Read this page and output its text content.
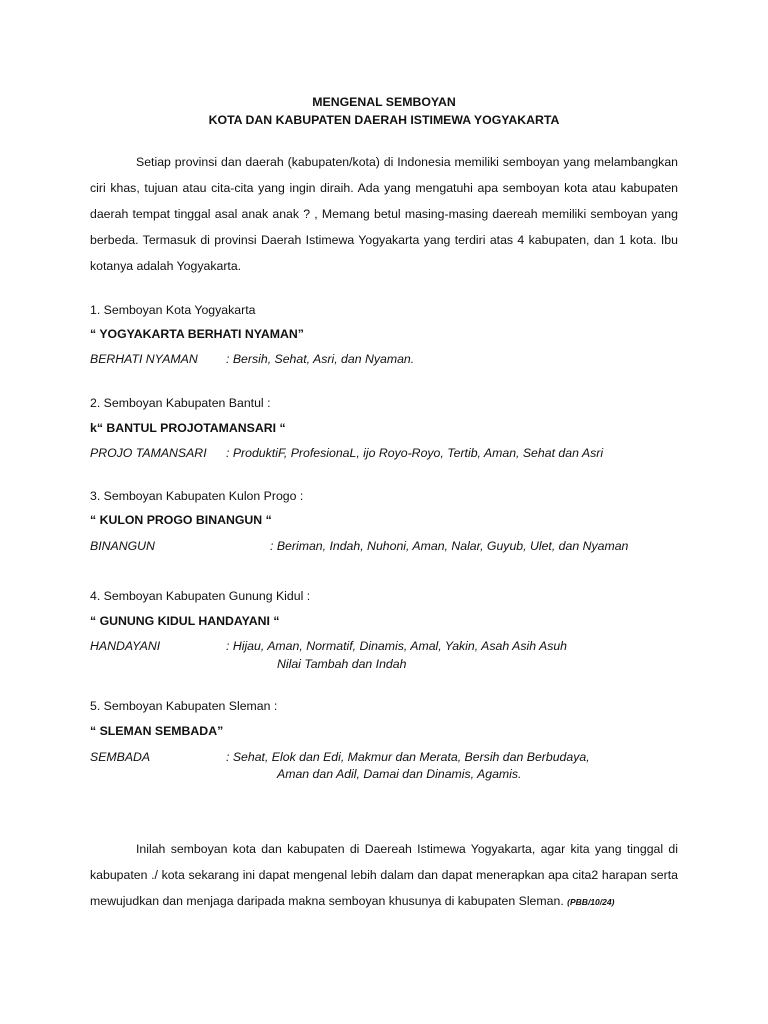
MENGENAL SEMBOYAN
KOTA DAN KABUPATEN DAERAH ISTIMEWA YOGYAKARTA

Setiap provinsi dan daerah (kabupaten/kota) di Indonesia memiliki semboyan yang melambangkan ciri khas, tujuan atau cita-cita yang ingin diraih. Ada yang mengatuhi apa semboyan kota atau kabupaten daerah tempat tinggal asal anak anak ? , Memang betul masing-masing daereah memiliki semboyan yang berbeda. Termasuk di provinsi Daerah Istimewa Yogyakarta yang terdiri atas 4 kabupaten, dan 1 kota. Ibu kotanya adalah Yogyakarta.

1. Semboyan Kota Yogyakarta
“ YOGYAKARTA BERHATI NYAMAN”
BERHATI NYAMAN : Bersih, Sehat, Asri, dan Nyaman.
2. Semboyan Kabupaten Bantul :
k“ BANTUL PROJOTAMANSARI “
PROJO TAMANSARI : ProduktiF, ProfesionaL, ijo Royo-Royo, Tertib, Aman, Sehat dan Asri
3. Semboyan Kabupaten Kulon Progo :
“ KULON PROGO BINANGUN “
BINANGUN	: Beriman, Indah, Nuhoni, Aman, Nalar, Guyub, Ulet, dan Nyaman
4. Semboyan Kabupaten Gunung Kidul :
“ GUNUNG KIDUL HANDAYANI “
HANDAYANI	: Hijau, Aman, Normatif, Dinamis, Amal, Yakin, Asah Asih Asuh
Nilai Tambah dan Indah
5. Semboyan Kabupaten Sleman :
“ SLEMAN SEMBADA”
SEMBADA	: Sehat, Elok dan Edi, Makmur dan Merata, Bersih dan Berbudaya,
Aman dan Adil, Damai dan Dinamis, Agamis.

Inilah semboyan kota dan kabupaten di Daereah Istimewa Yogyakarta, agar kita yang tinggal di kabupaten ./ kota sekarang ini dapat mengenal lebih dalam dan dapat menerapkan apa cita2 harapan serta mewujudkan dan menjaga daripada makna semboyan khusunya di kabupaten Sleman. (PBB/10/24)
